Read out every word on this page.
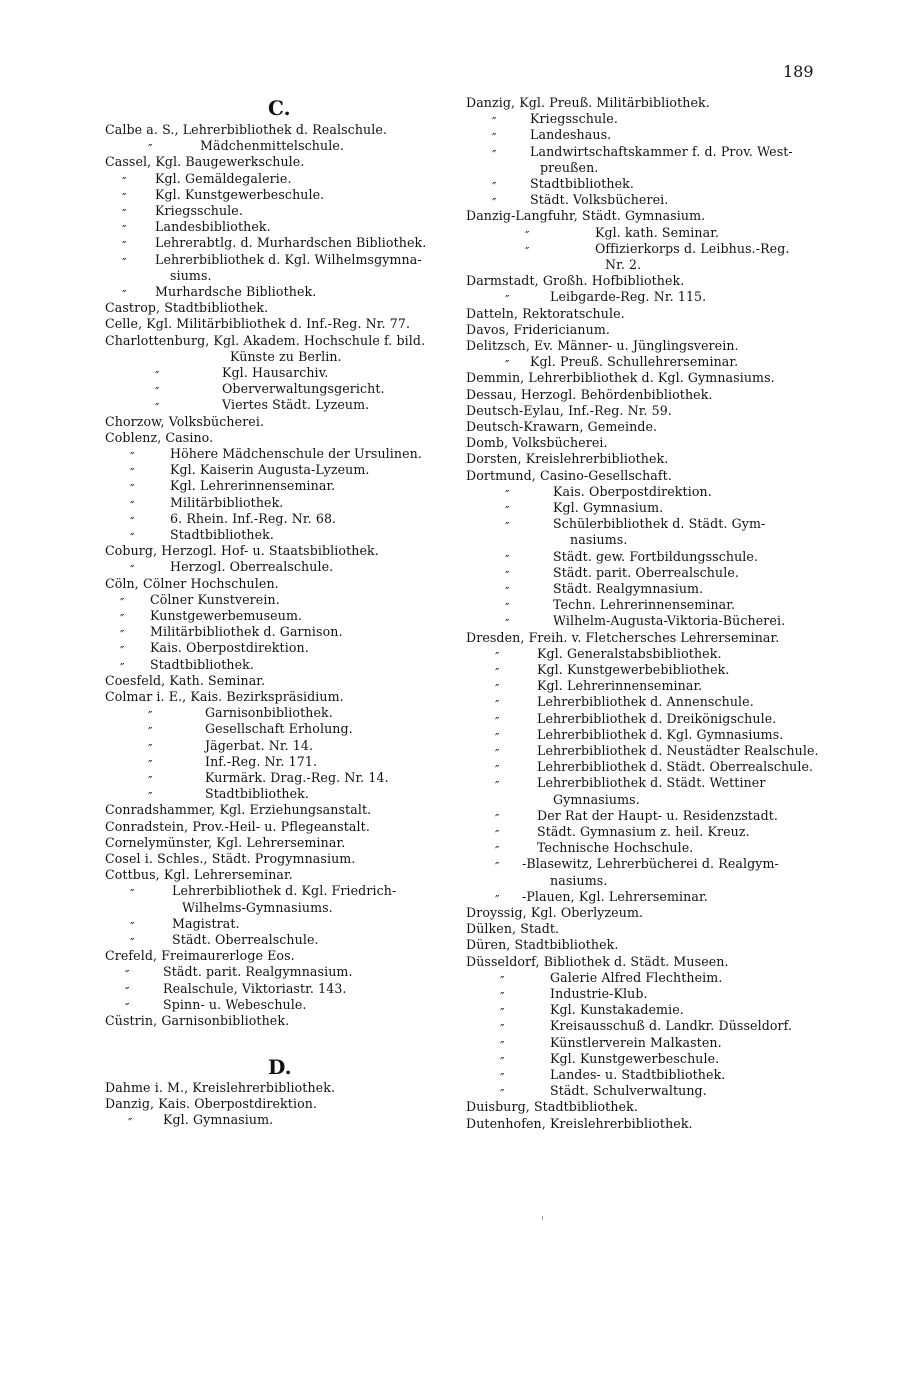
189
C.
D.
Calbe a. S., Lehrerbibliothek d. Realschule.
″	Mädchenmittelschule.
Cassel, Kgl. Baugewerkschule.
″ Kgl. Gemäldegalerie.
″ Kgl. Kunstgewerbeschule.
″ Kriegsschule.
″ Landesbibliothek.
″ Lehrerabtlg. d. Murhardschen Bibliothek.
″ Lehrerbibliothek d. Kgl. Wilhelmsgymna-
siums.
″ Murhardsche Bibliothek.
Castrop, Stadtbibliothek.
Celle, Kgl. Militärbibliothek d. Inf.-Reg. Nr. 77.
Charlottenburg, Kgl. Akadem. Hochschule f. bild.
Künste zu Berlin.
″	Kgl. Hausarchiv.
″	Oberverwaltungsgericht.
″	Viertes Städt. Lyzeum.
Chorzow, Volksbücherei.
Coblenz, Casino.
″	Höhere Mädchenschule der Ursulinen.
″	Kgl. Kaiserin Augusta-Lyzeum.
″	Kgl. Lehrerinnenseminar.
″	Militärbibliothek.
″	6. Rhein. Inf.-Reg. Nr. 68.
″	Stadtbibliothek.
Coburg, Herzogl. Hof- u. Staatsbibliothek.
″	Herzogl. Oberrealschule.
Cöln, Cölner Hochschulen.
″ Cölner Kunstverein.
″ Kunstgewerbemuseum.
″ Militärbibliothek d. Garnison.
″ Kais. Oberpostdirektion.
″ Stadtbibliothek.
Coesfeld, Kath. Seminar.
Colmar i. E., Kais. Bezirkspräsidium.
″	Garnisonbibliothek.
″	Gesellschaft Erholung.
″	Jägerbat. Nr. 14.
″	Inf.-Reg. Nr. 171.
″	Kurmärk. Drag.-Reg. Nr. 14.
″	Stadtbibliothek.
Conradshammer, Kgl. Erziehungsanstalt.
Conradstein, Prov.-Heil- u. Pflegeanstalt.
Cornelymünster, Kgl. Lehrerseminar.
Cosel i. Schles., Städt. Progymnasium.
Cottbus, Kgl. Lehrerseminar.
″	Lehrerbibliothek d. Kgl. Friedrich-
Wilhelms-Gymnasiums.
″	Magistrat.
″	Städt. Oberrealschule.
Crefeld, Freimaurerloge Eos.
″	Städt. parit. Realgymnasium.
″	Realschule, Viktoriastr. 143.
″	Spinn- u. Webeschule.
Cüstrin, Garnisonbibliothek.
Dahme i. M., Kreislehrerbibliothek.
Danzig, Kais. Oberpostdirektion.
″ Kgl. Gymnasium.
Danzig, Kgl. Preuß. Militärbibliothek.
″	Kriegsschule.
″	Landeshaus.
″	Landwirtschaftskammer f. d. Prov. West-
preußen.
″	Stadtbibliothek.
″	Städt. Volksbücherei.
Danzig-Langfuhr, Städt. Gymnasium.
″	Kgl. kath. Seminar.
″	Offizierkorps d. Leibhus.-Reg.
Nr. 2.
Darmstadt, Großh. Hofbibliothek.
″	Leibgarde-Reg. Nr. 115.
Datteln, Rektoratschule.
Davos, Fridericianum.
Delitzsch, Ev. Männer- u. Jünglingsverein.
″ Kgl. Preuß. Schullehrerseminar.
Demmin, Lehrerbibliothek d. Kgl. Gymnasiums.
Dessau, Herzogl. Behördenbibliothek.
Deutsch-Eylau, Inf.-Reg. Nr. 59.
Deutsch-Krawarn, Gemeinde.
Domb, Volksbücherei.
Dorsten, Kreislehrerbibliothek.
Dortmund, Casino-Gesellschaft.
″	Kais. Oberpostdirektion.
″	Kgl. Gymnasium.
″	Schülerbibliothek d. Städt. Gym-
nasiums.
″	Städt. gew. Fortbildungsschule.
″	Städt. parit. Oberrealschule.
″	Städt. Realgymnasium.
″	Techn. Lehrerinnenseminar.
″	Wilhelm-Augusta-Viktoria-Bücherei.
Dresden, Freih. v. Fletchersches Lehrerseminar.
″	Kgl. Generalstabsbibliothek.
″	Kgl. Kunstgewerbebibliothek.
″	Kgl. Lehrerinnenseminar.
″	Lehrerbibliothek d. Annenschule.
″	Lehrerbibliothek d. Dreikönigschule.
″	Lehrerbibliothek d. Kgl. Gymnasiums.
″	Lehrerbibliothek d. Neustädter Realschule.
″	Lehrerbibliothek d. Städt. Oberrealschule.
″	Lehrerbibliothek d. Städt. Wettiner
Gymnasiums.
″	Der Rat der Haupt- u. Residenzstadt.
″	Städt. Gymnasium z. heil. Kreuz.
″	Technische Hochschule.
″ -Blasewitz, Lehrerbücherei d. Realgym-
nasiums.
″ -Plauen, Kgl. Lehrerseminar.
Droyssig, Kgl. Oberlyzeum.
Dülken, Stadt.
Düren, Stadtbibliothek.
Düsseldorf, Bibliothek d. Städt. Museen.
″	Galerie Alfred Flechtheim.
″	Industrie-Klub.
″	Kgl. Kunstakademie.
″	Kreisausschuß d. Landkr. Düsseldorf.
″	Künstlerverein Malkasten.
″	Kgl. Kunstgewerbeschule.
″	Landes- u. Stadtbibliothek.
″	Städt. Schulverwaltung.
Duisburg, Stadtbibliothek.
Dutenhofen, Kreislehrerbibliothek.
